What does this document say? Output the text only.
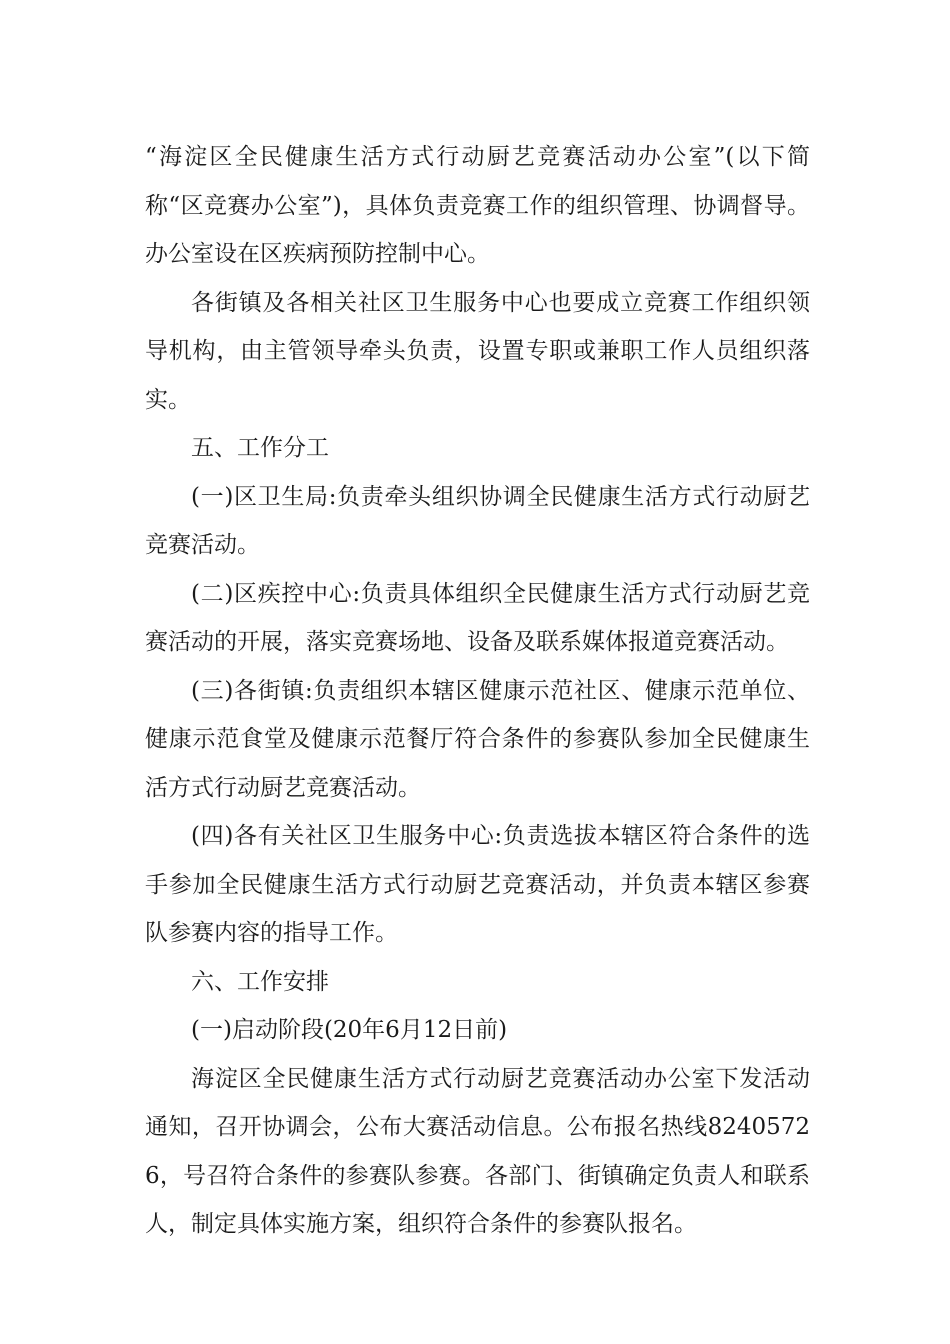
“海淀区全民健康生活方式行动厨艺竞赛活动办公室”(以下简称“区竞赛办公室”)，具体负责竞赛工作的组织管理、协调督导。办公室设在区疾病预防控制中心。

各街镇及各相关社区卫生服务中心也要成立竞赛工作组织领导机构，由主管领导牵头负责，设置专职或兼职工作人员组织落实。

五、工作分工

(一)区卫生局:负责牵头组织协调全民健康生活方式行动厨艺竞赛活动。

(二)区疾控中心:负责具体组织全民健康生活方式行动厨艺竞赛活动的开展，落实竞赛场地、设备及联系媒体报道竞赛活动。

(三)各街镇:负责组织本辖区健康示范社区、健康示范单位、健康示范食堂及健康示范餐厅符合条件的参赛队参加全民健康生活方式行动厨艺竞赛活动。

(四)各有关社区卫生服务中心:负责选拔本辖区符合条件的选手参加全民健康生活方式行动厨艺竞赛活动，并负责本辖区参赛队参赛内容的指导工作。

六、工作安排

(一)启动阶段(20年6月12日前)

海淀区全民健康生活方式行动厨艺竞赛活动办公室下发活动通知，召开协调会，公布大赛活动信息。公布报名热线82405726，号召符合条件的参赛队参赛。各部门、街镇确定负责人和联系人，制定具体实施方案，组织符合条件的参赛队报名。
